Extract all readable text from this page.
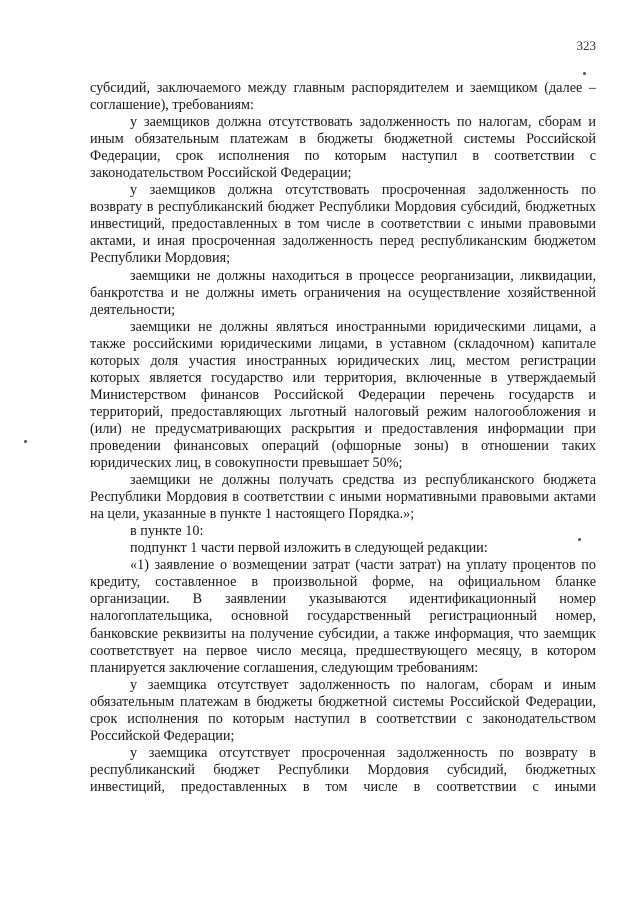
323

субсидий, заключаемого между главным распорядителем и заемщиком (далее – соглашение), требованиям:

у заемщиков должна отсутствовать задолженность по налогам, сборам и иным обязательным платежам в бюджеты бюджетной системы Российской Федерации, срок исполнения по которым наступил в соответствии с законодательством Российской Федерации;

у заемщиков должна отсутствовать просроченная задолженность по возврату в республиканский бюджет Республики Мордовия субсидий, бюджетных инвестиций, предоставленных в том числе в соответствии с иными правовыми актами, и иная просроченная задолженность перед республиканским бюджетом Республики Мордовия;

заемщики не должны находиться в процессе реорганизации, ликвидации, банкротства и не должны иметь ограничения на осуществление хозяйственной деятельности;

заемщики не должны являться иностранными юридическими лицами, а также российскими юридическими лицами, в уставном (складочном) капитале которых доля участия иностранных юридических лиц, местом регистрации которых является государство или территория, включенные в утверждаемый Министерством финансов Российской Федерации перечень государств и территорий, предоставляющих льготный налоговый режим налогообложения и (или) не предусматривающих раскрытия и предоставления информации при проведении финансовых операций (офшорные зоны) в отношении таких юридических лиц, в совокупности превышает 50%;

заемщики не должны получать средства из республиканского бюджета Республики Мордовия в соответствии с иными нормативными правовыми актами на цели, указанные в пункте 1 настоящего Порядка.»;

в пункте 10:

подпункт 1 части первой изложить в следующей редакции:

«1) заявление о возмещении затрат (части затрат) на уплату процентов по кредиту, составленное в произвольной форме, на официальном бланке организации. В заявлении указываются идентификационный номер налогоплательщика, основной государственный регистрационный номер, банковские реквизиты на получение субсидии, а также информация, что заемщик соответствует на первое число месяца, предшествующего месяцу, в котором планируется заключение соглашения, следующим требованиям:

у заемщика отсутствует задолженность по налогам, сборам и иным обязательным платежам в бюджеты бюджетной системы Российской Федерации, срок исполнения по которым наступил в соответствии с законодательством Российской Федерации;

у заемщика отсутствует просроченная задолженность по возврату в республиканский бюджет Республики Мордовия субсидий, бюджетных инвестиций, предоставленных в том числе в соответствии с иными
